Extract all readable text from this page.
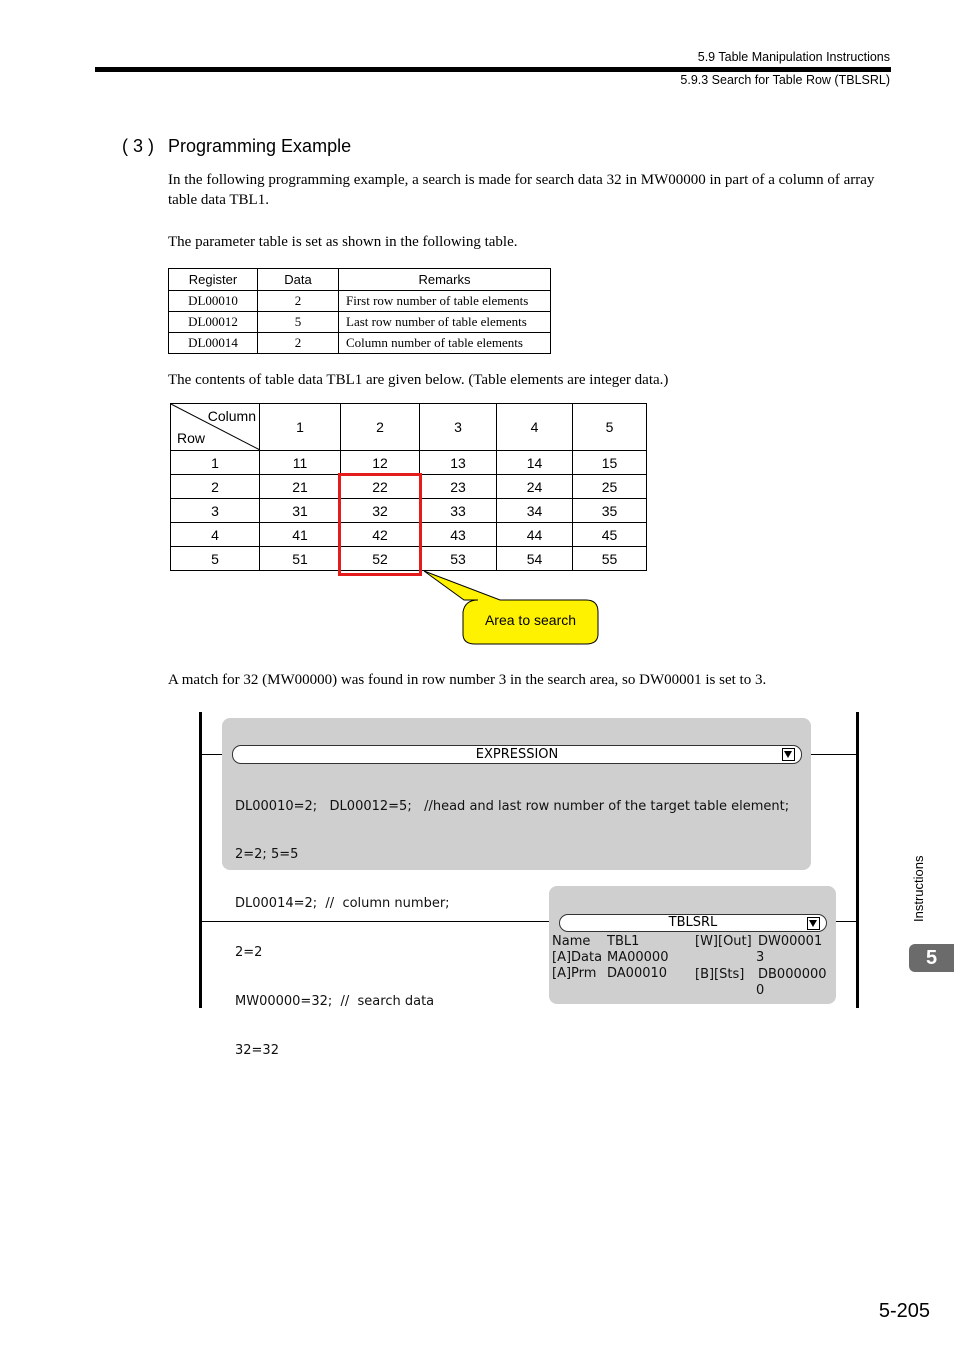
5.9 Table Manipulation Instructions
5.9.3 Search for Table Row (TBLSRL)
( 3 ) Programming Example
In the following programming example, a search is made for search data 32 in MW00000 in part of a column of array table data TBL1.
The parameter table is set as shown in the following table.
Register	Data	Remarks
DL00010	2	First row number of table elements
DL00012	5	Last row number of table elements
DL00014	2	Column number of table elements
The contents of table data TBL1 are given below. (Table elements are integer data.)
Column
Row	1	2	3	4	5
1	11	12	13	14	15
2	21	22	23	24	25
3	31	32	33	34	35
4	41	42	43	44	45
5	51	52	53	54	55
Area to search
A match for 32 (MW00000) was found in row number 3 in the search area, so DW00001 is set to 3.
EXPRESSION

DL00010=2;   DL00012=5;   //head and last row number of the target table element;

2=2; 5=5

DL00014=2;  //  column number;

2=2

MW00000=32;  //  search data

32=32

TBLSRL
Name TBL1
[A]Data MA00000
[A]Prm DA00010
[W][Out] DW00001
3
[B][Sts] DB000000
0
Instructions
5
5-205
